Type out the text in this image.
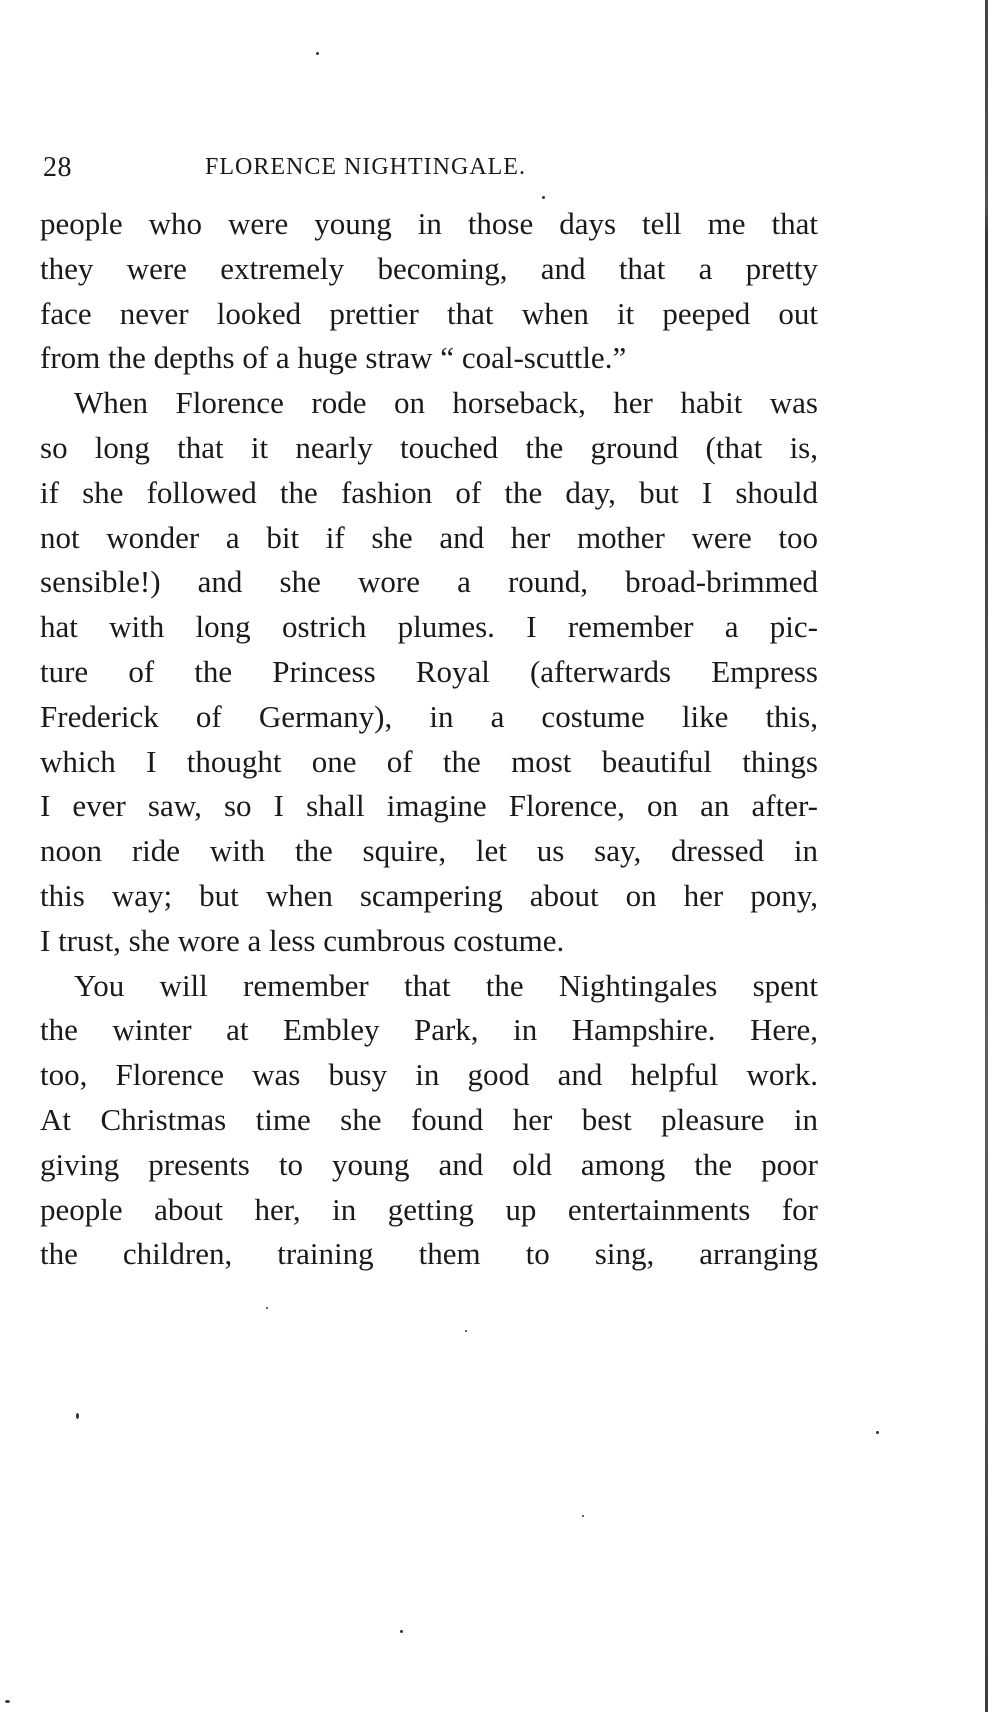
28	FLORENCE NIGHTINGALE.

people who were young in those days tell me that
they were extremely becoming, and that a pretty
face never looked prettier that when it peeped out
from the depths of a huge straw “ coal-scuttle.”

When Florence rode on horseback, her habit was
so long that it nearly touched the ground (that is,
if she followed the fashion of the day, but I should
not wonder a bit if she and her mother were too
sensible!) and she wore a round, broad-brimmed
hat with long ostrich plumes. I remember a pic-
ture of the Princess Royal (afterwards Empress
Frederick of Germany), in a costume like this,
which I thought one of the most beautiful things
I ever saw, so I shall imagine Florence, on an after-
noon ride with the squire, let us say, dressed in
this way; but when scampering about on her pony,
I trust, she wore a less cumbrous costume.

You will remember that the Nightingales spent
the winter at Embley Park, in Hampshire. Here,
too, Florence was busy in good and helpful work.
At Christmas time she found her best pleasure in
giving presents to young and old among the poor
people about her, in getting up entertainments for
the children, training them to sing, arranging
